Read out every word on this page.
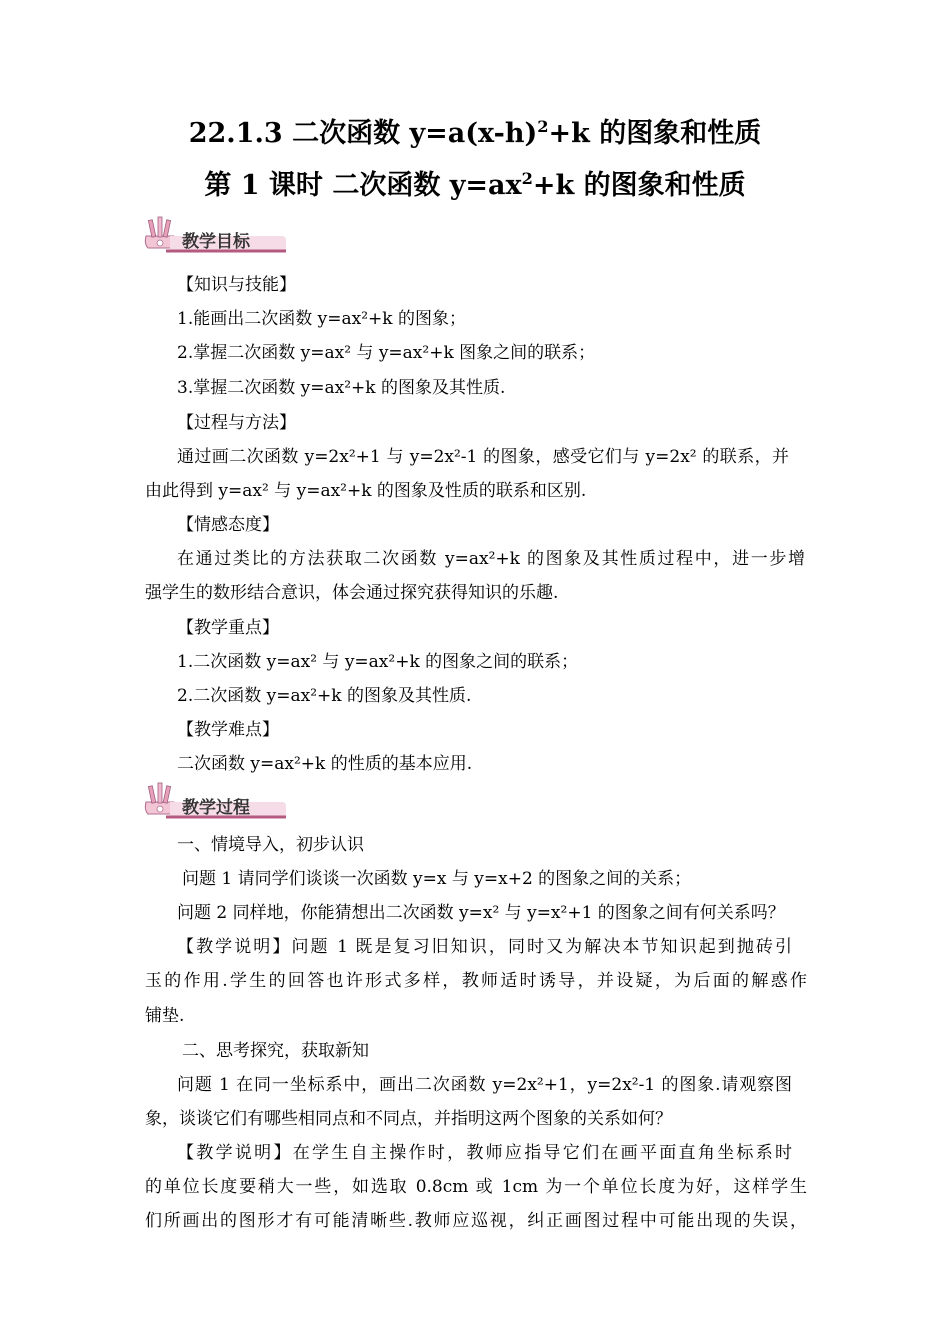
22.1.3 二次函数 $y=a(x-h)^2+k$ 的图象和性质
第 1 课时 二次函数 $y=ax^2+k$ 的图象和性质
教学目标
教学过程
【知识与技能】
1.能画出二次函数 y=ax²+k 的图象；
2.掌握二次函数 y=ax² 与 y=ax²+k 图象之间的联系；
3.掌握二次函数 y=ax²+k 的图象及其性质.
【过程与方法】
通过画二次函数 y=2x²+1 与 y=2x²-1 的图象，感受它们与 y=2x² 的联系，并
由此得到 y=ax² 与 y=ax²+k 的图象及性质的联系和区别.
【情感态度】
在通过类比的方法获取二次函数 y=ax²+k 的图象及其性质过程中，进一步增
强学生的数形结合意识，体会通过探究获得知识的乐趣.
【教学重点】
1.二次函数 y=ax² 与 y=ax²+k 的图象之间的联系；
2.二次函数 y=ax²+k 的图象及其性质.
【教学难点】
二次函数 y=ax²+k 的性质的基本应用.
一、情境导入，初步认识
问题 1 请同学们谈谈一次函数 y=x 与 y=x+2 的图象之间的关系；
问题 2 同样地，你能猜想出二次函数 y=x² 与 y=x²+1 的图象之间有何关系吗？
【教学说明】问题 1 既是复习旧知识，同时又为解决本节知识起到抛砖引
玉的作用.学生的回答也许形式多样，教师适时诱导，并设疑，为后面的解惑作
铺垫.
二、思考探究，获取新知
问题 1 在同一坐标系中，画出二次函数 y=2x²+1，y=2x²-1 的图象.请观察图
象，谈谈它们有哪些相同点和不同点，并指明这两个图象的关系如何？
【教学说明】在学生自主操作时，教师应指导它们在画平面直角坐标系时
的单位长度要稍大一些，如选取 0.8cm 或 1cm 为一个单位长度为好，这样学生
们所画出的图形才有可能清晰些.教师应巡视，纠正画图过程中可能出现的失误，
